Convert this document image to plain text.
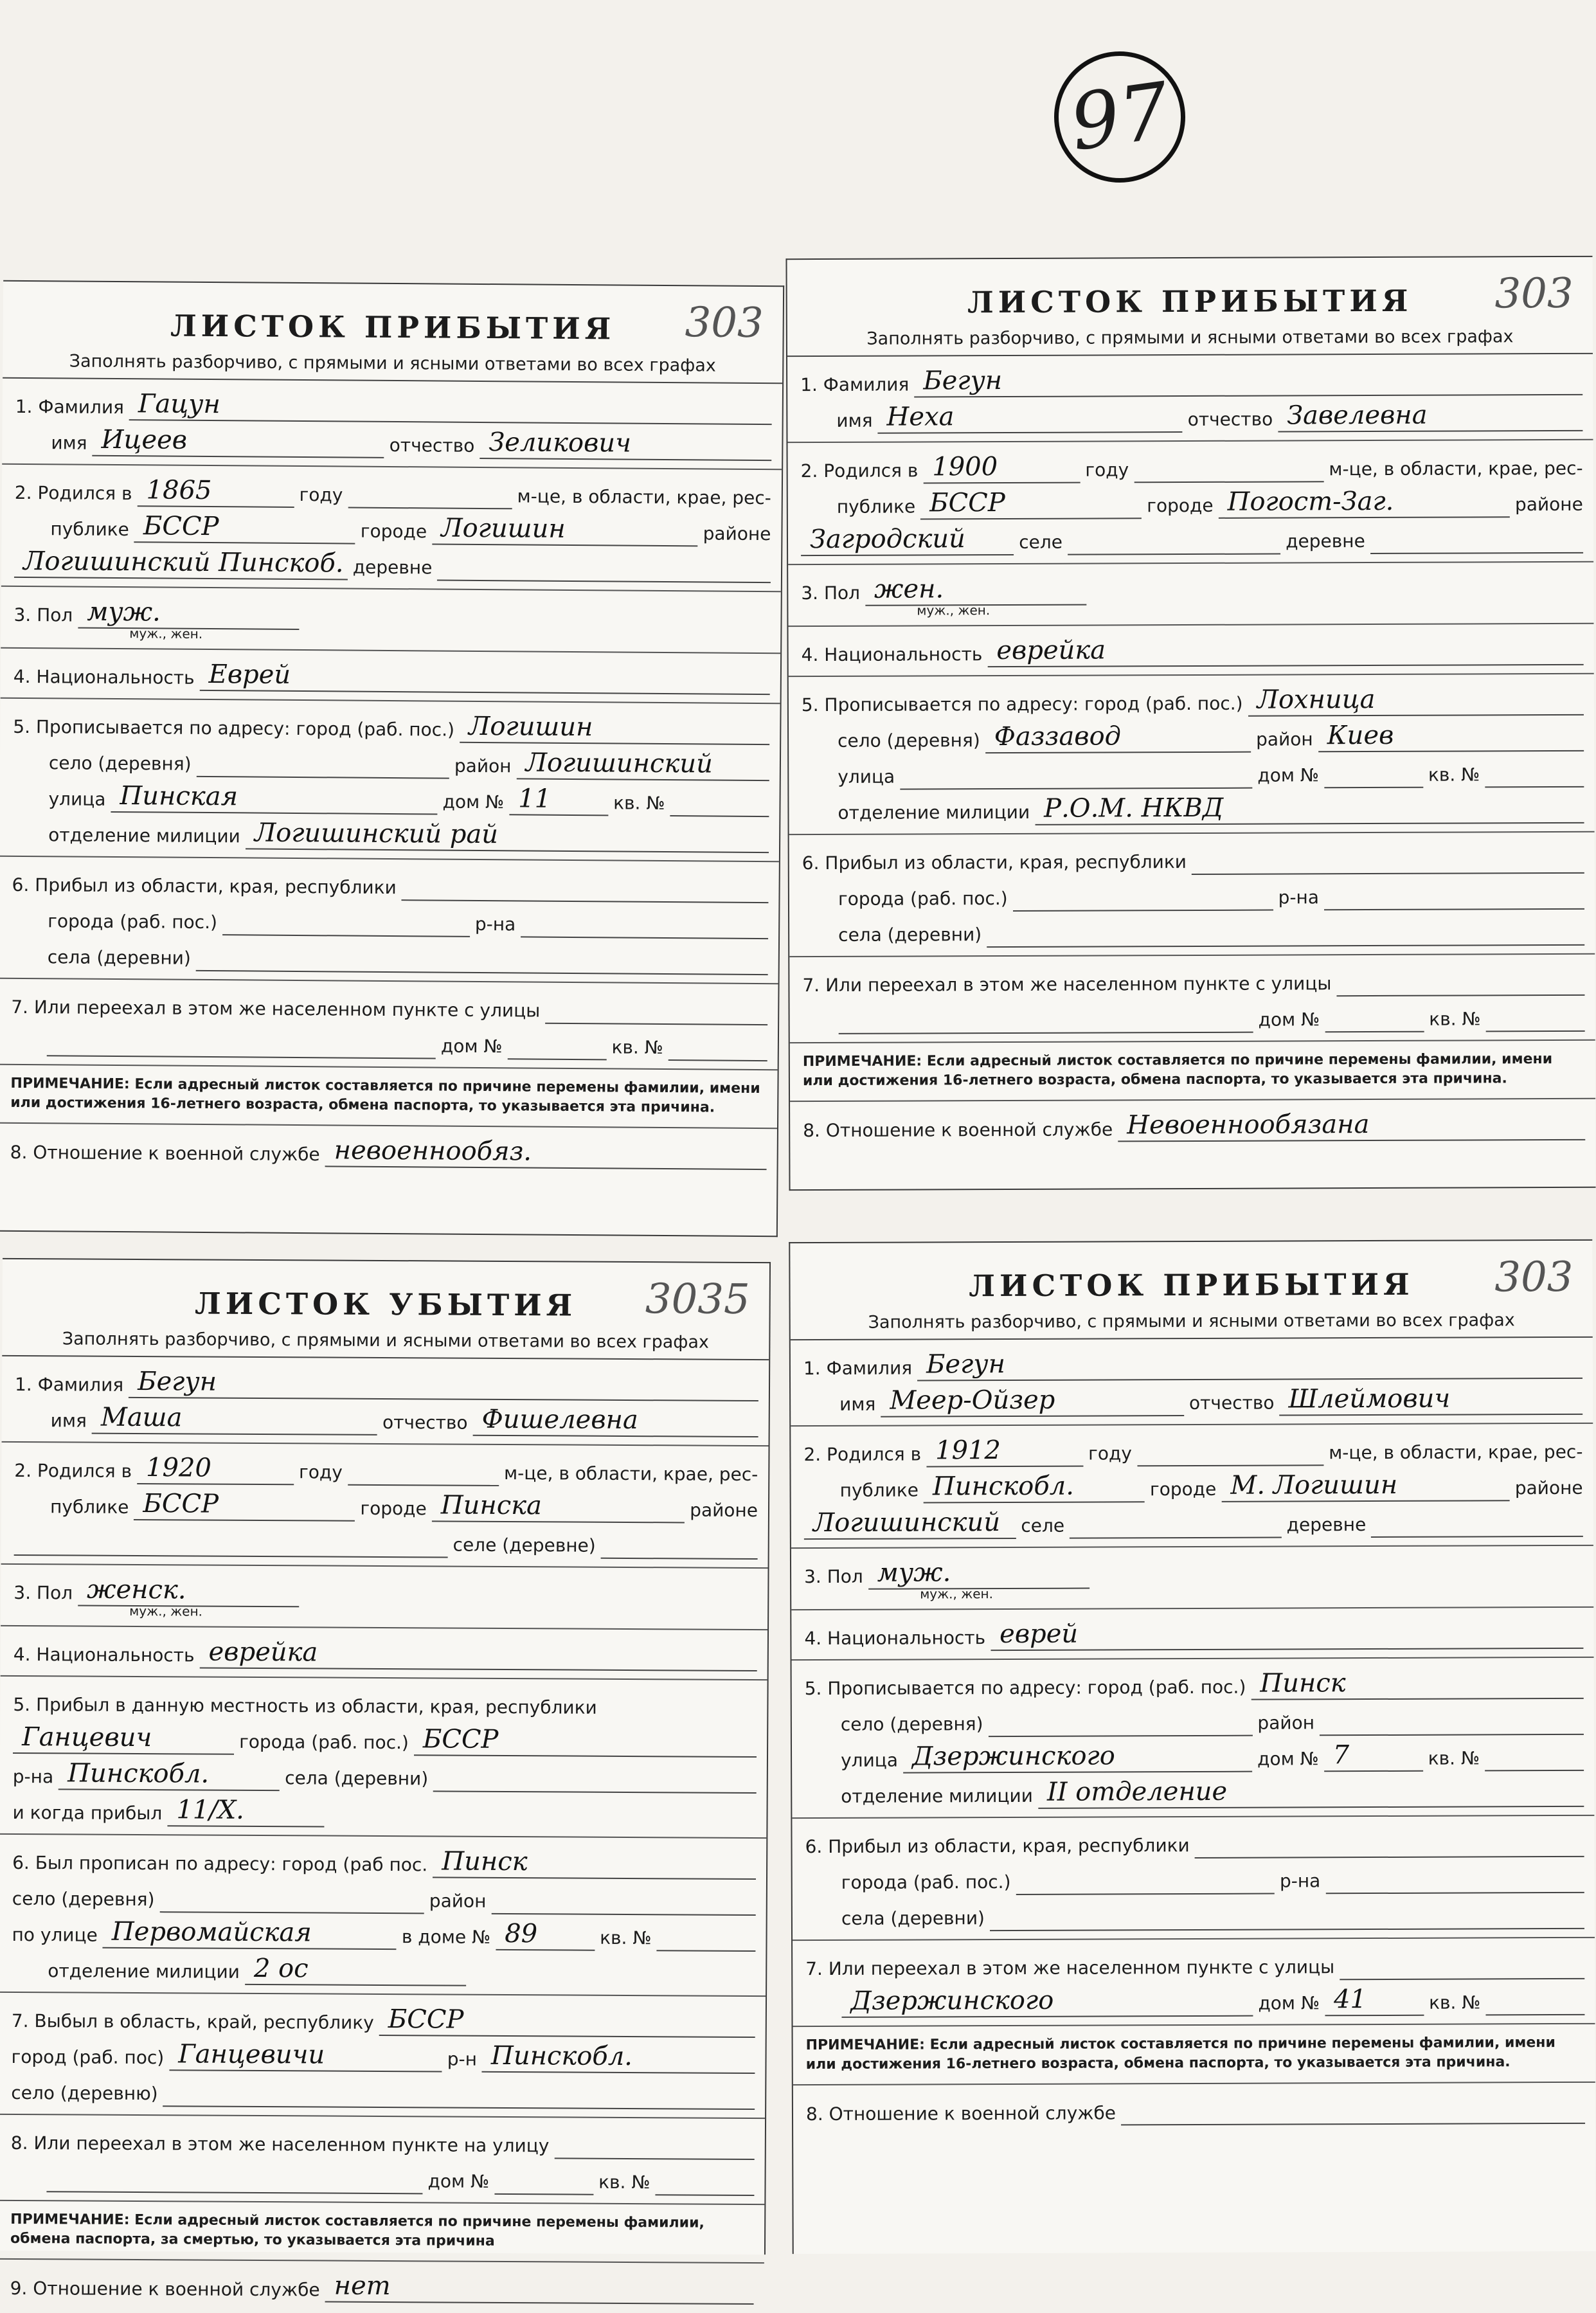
97
303
ЛИСТОК ПРИБЫТИЯ
Заполнять разборчиво, с прямыми и ясными ответами во всех графах
1. Фамилия Гацун
имя Ицеев	отчество Зеликович
2. Родился в 1865	году	м-це, в области, крае, рес-
публике БССР	городе Логишин	районе
Логишинский Пинскоб. деревне
3. Пол муж.
муж., жен.
4. Национальность Еврей
5. Прописывается по адресу: город (раб. пос.) Логишин
село (деревня)	район Логишинский
улица Пинская	дом № 11	кв. №
отделение милиции Логишинский рай
6. Прибыл из области, края, республики
города (раб. пос.)	р-на
села (деревни)
7. Или переехал в этом же населенном пункте с улицы
дом №	кв. №
ПРИМЕЧАНИЕ: Если адресный листок составляется по причине перемены фамилии, имени или достижения 16-летнего возраста, обмена паспорта, то указывается эта причина.
8. Отношение к военной службе невоеннообяз.
303
ЛИСТОК ПРИБЫТИЯ
Заполнять разборчиво, с прямыми и ясными ответами во всех графах
1. Фамилия Бегун
имя Неха	отчество Завелевна
2. Родился в 1900	году	м-це, в области, крае, рес-
публике БССР	городе Погост-Заг.	районе
Загродский	селе	деревне
3. Пол жен.
муж., жен.
4. Национальность еврейка
5. Прописывается по адресу: город (раб. пос.) Лохница
село (деревня) Фаззавод	район Киев
улица	дом №	кв. №
отделение милиции Р.О.М. НКВД
6. Прибыл из области, края, республики
города (раб. пос.)	р-на
села (деревни)
7. Или переехал в этом же населенном пункте с улицы
дом №	кв. №
ПРИМЕЧАНИЕ: Если адресный листок составляется по причине перемены фамилии, имени или достижения 16-летнего возраста, обмена паспорта, то указывается эта причина.
8. Отношение к военной службе Невоеннообязана
3035
ЛИСТОК УБЫТИЯ
Заполнять разборчиво, с прямыми и ясными ответами во всех графах
1. Фамилия Бегун
имя Маша	отчество Фишелевна
2. Родился в 1920	году	м-це, в области, крае, рес-
публике БССР	городе Пинска	районе
селе (деревне)
3. Пол женск.
муж., жен.
4. Национальность еврейка
5. Прибыл в данную местность из области, края, республики
Ганцевич	города (раб. пос.) БССР
р-на Пинскобл.	села (деревни)
и когда прибыл 11/X.
6. Был прописан по адресу: город (раб пос. Пинск
село (деревня)	район
по улице Первомайская	в доме № 89	кв. №
отделение милиции 2 ос
7. Выбыл в область, край, республику БССР
город (раб. пос) Ганцевичи	р-н Пинскобл.
село (деревню)
8. Или переехал в этом же населенном пункте на улицу
дом №	кв. №
ПРИМЕЧАНИЕ: Если адресный листок составляется по причине перемены фамилии, обмена паспорта, за смертью, то указывается эта причина
9. Отношение к военной службе нет
303
ЛИСТОК ПРИБЫТИЯ
Заполнять разборчиво, с прямыми и ясными ответами во всех графах
1. Фамилия Бегун
имя Меер-Ойзер	отчество Шлеймович
2. Родился в 1912	году	м-це, в области, крае, рес-
публике Пинскобл.	городе М. Логишин	районе
Логишинский	селе	деревне
3. Пол муж.
муж., жен.
4. Национальность еврей
5. Прописывается по адресу: город (раб. пос.) Пинск
село (деревня)	район
улица Дзержинского	дом № 7	кв. №
отделение милиции II отделение
6. Прибыл из области, края, республики
города (раб. пос.)	р-на
села (деревни)
7. Или переехал в этом же населенном пункте с улицы
Дзержинского	дом № 41	кв. №
ПРИМЕЧАНИЕ: Если адресный листок составляется по причине перемены фамилии, имени или достижения 16-летнего возраста, обмена паспорта, то указывается эта причина.
8. Отношение к военной службе
